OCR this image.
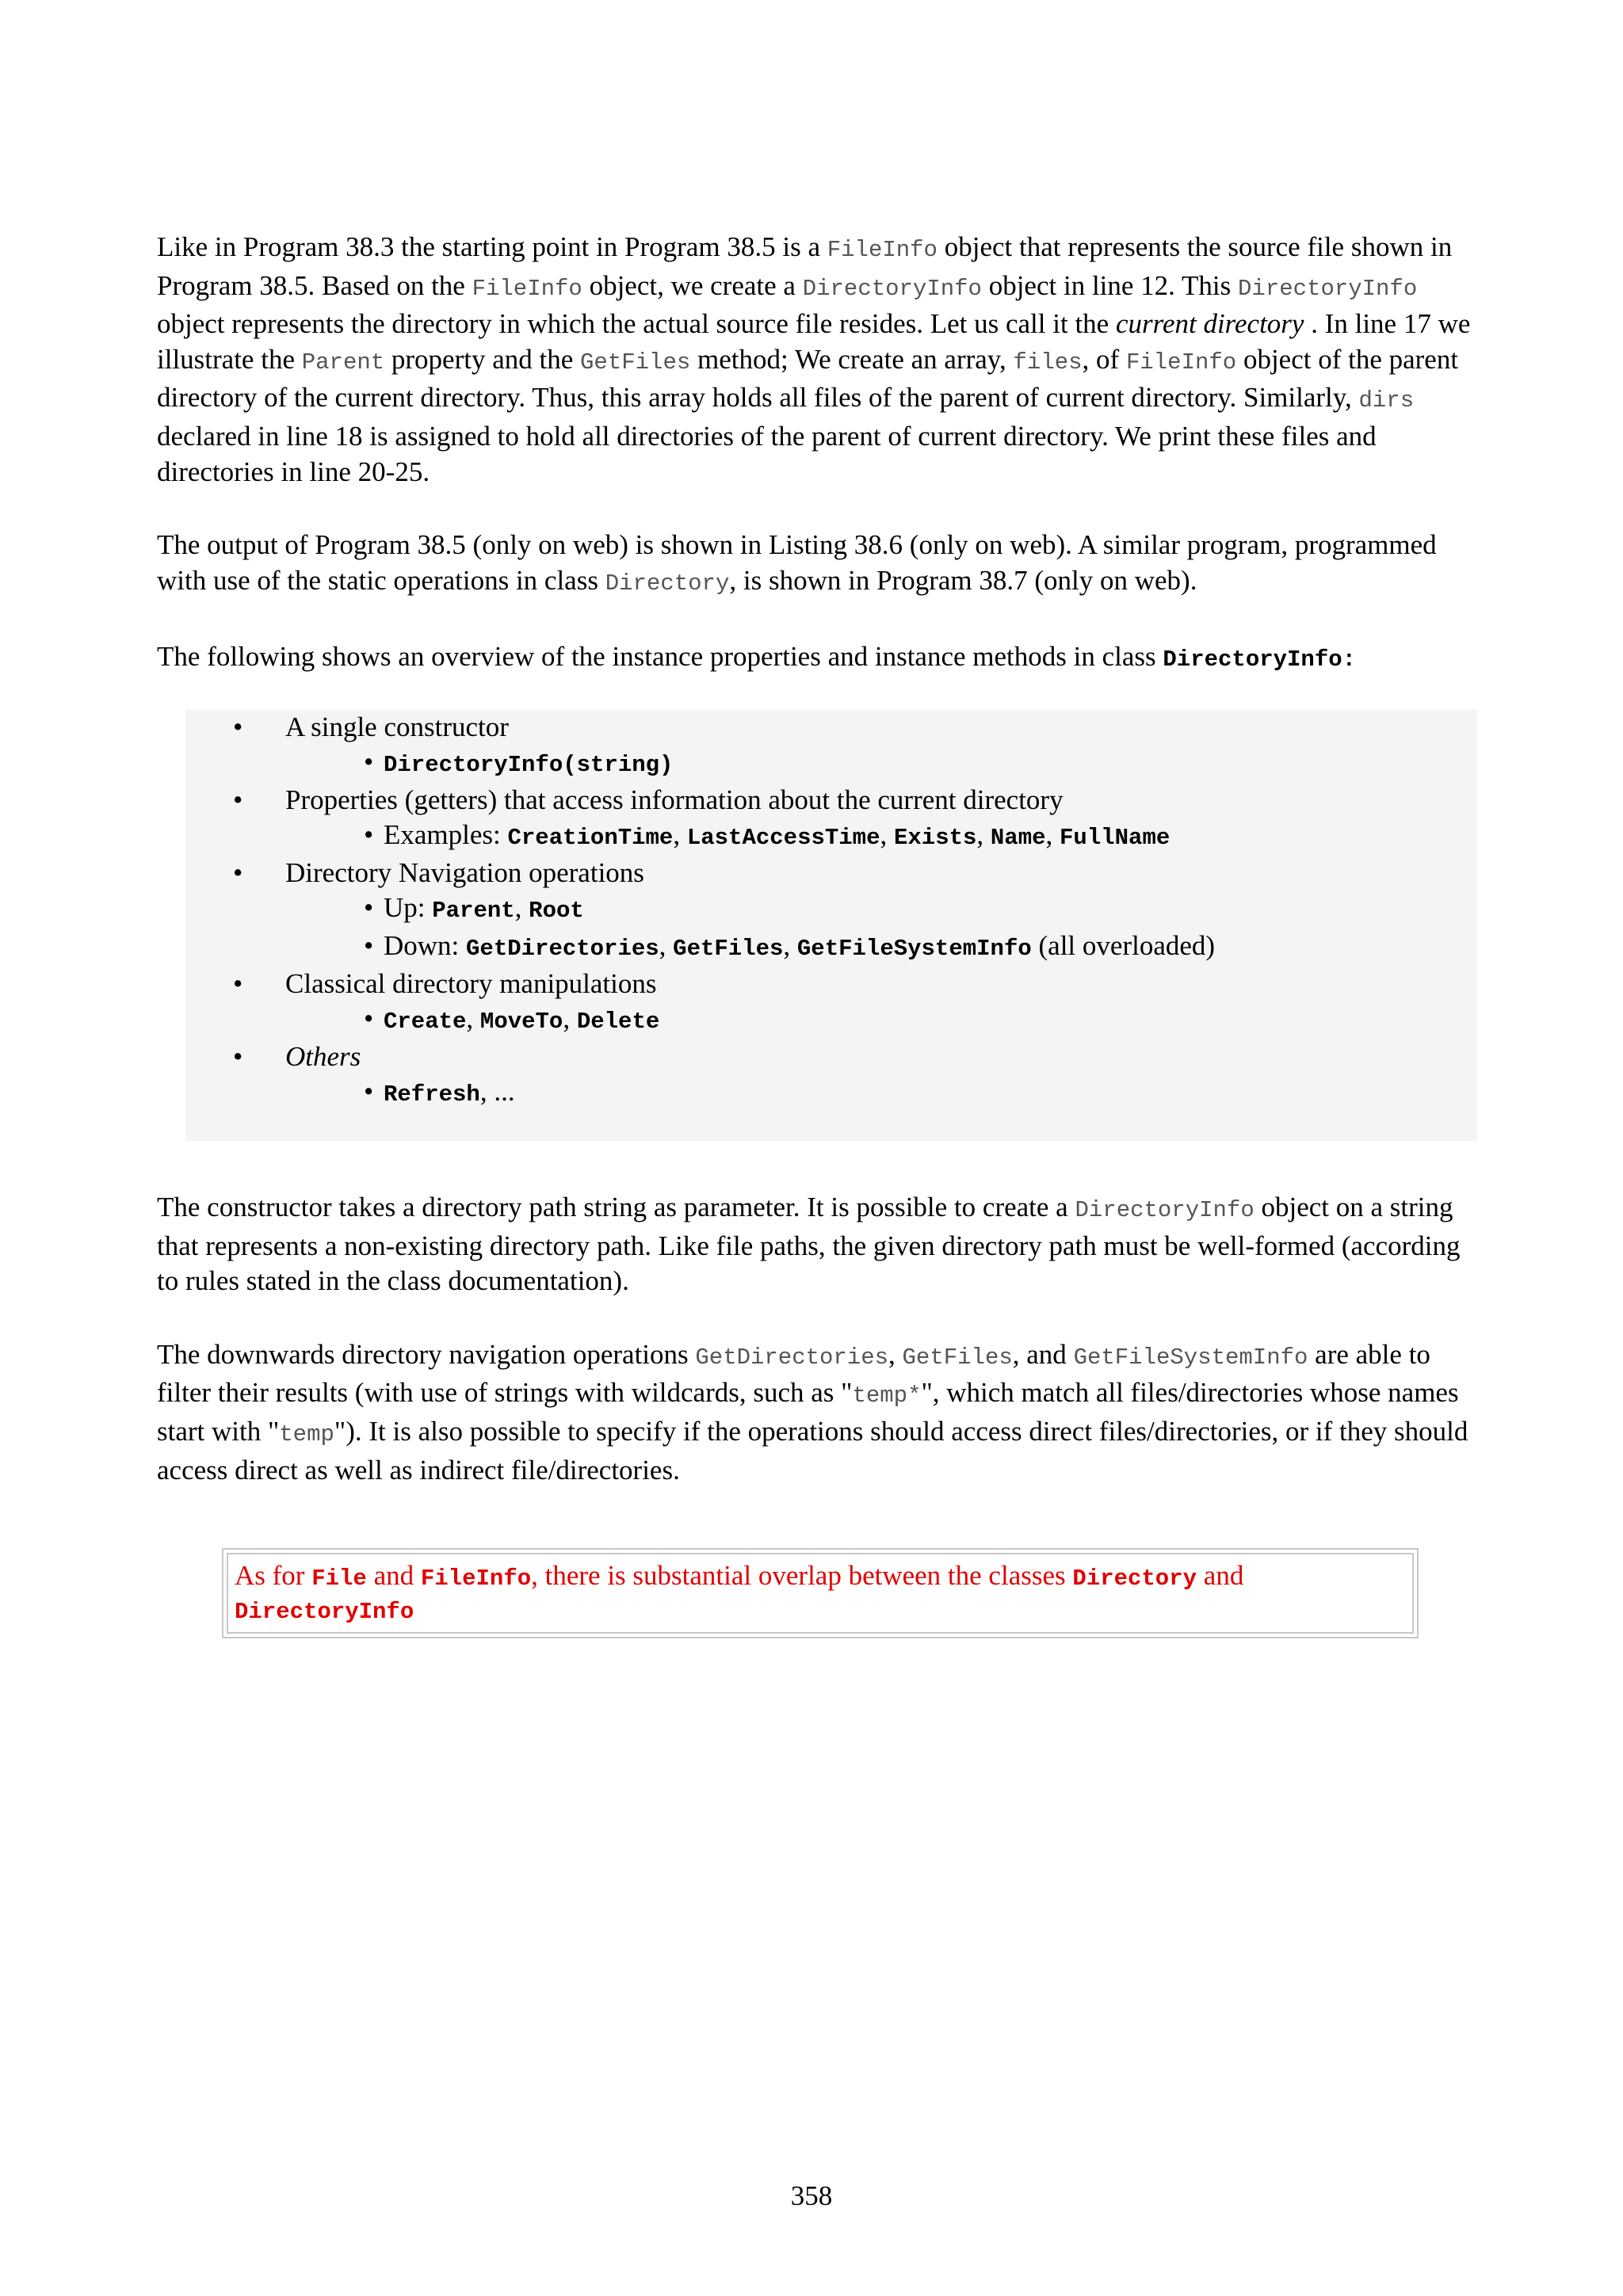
Like in Program 38.3 the starting point in Program 38.5 is a FileInfo object that represents the source file shown in Program 38.5. Based on the FileInfo object, we create a DirectoryInfo object in line 12. This DirectoryInfo object represents the directory in which the actual source file resides. Let us call it the current directory . In line 17 we illustrate the Parent property and the GetFiles method; We create an array, files, of FileInfo object of the parent directory of the current directory. Thus, this array holds all files of the parent of current directory. Similarly, dirs declared in line 18 is assigned to hold all directories of the parent of current directory. We print these files and directories in line 20-25.

The output of Program 38.5 (only on web) is shown in Listing 38.6 (only on web). A similar program, programmed with use of the static operations in class Directory, is shown in Program 38.7 (only on web).

The following shows an overview of the instance properties and instance methods in class DirectoryInfo:

• A single constructor
• DirectoryInfo(string)
• Properties (getters) that access information about the current directory
• Examples: CreationTime, LastAccessTime, Exists, Name, FullName
• Directory Navigation operations
• Up: Parent, Root
• Down: GetDirectories, GetFiles, GetFileSystemInfo (all overloaded)
• Classical directory manipulations
• Create, MoveTo, Delete
• Others
• Refresh, ...

The constructor takes a directory path string as parameter. It is possible to create a DirectoryInfo object on a string that represents a non-existing directory path. Like file paths, the given directory path must be well-formed (according to rules stated in the class documentation).

The downwards directory navigation operations GetDirectories, GetFiles, and GetFileSystemInfo are able to filter their results (with use of strings with wildcards, such as "temp*", which match all files/directories whose names start with "temp"). It is also possible to specify if the operations should access direct files/directories, or if they should access direct as well as indirect file/directories.

As for File and FileInfo, there is substantial overlap between the classes Directory and
DirectoryInfo
358
